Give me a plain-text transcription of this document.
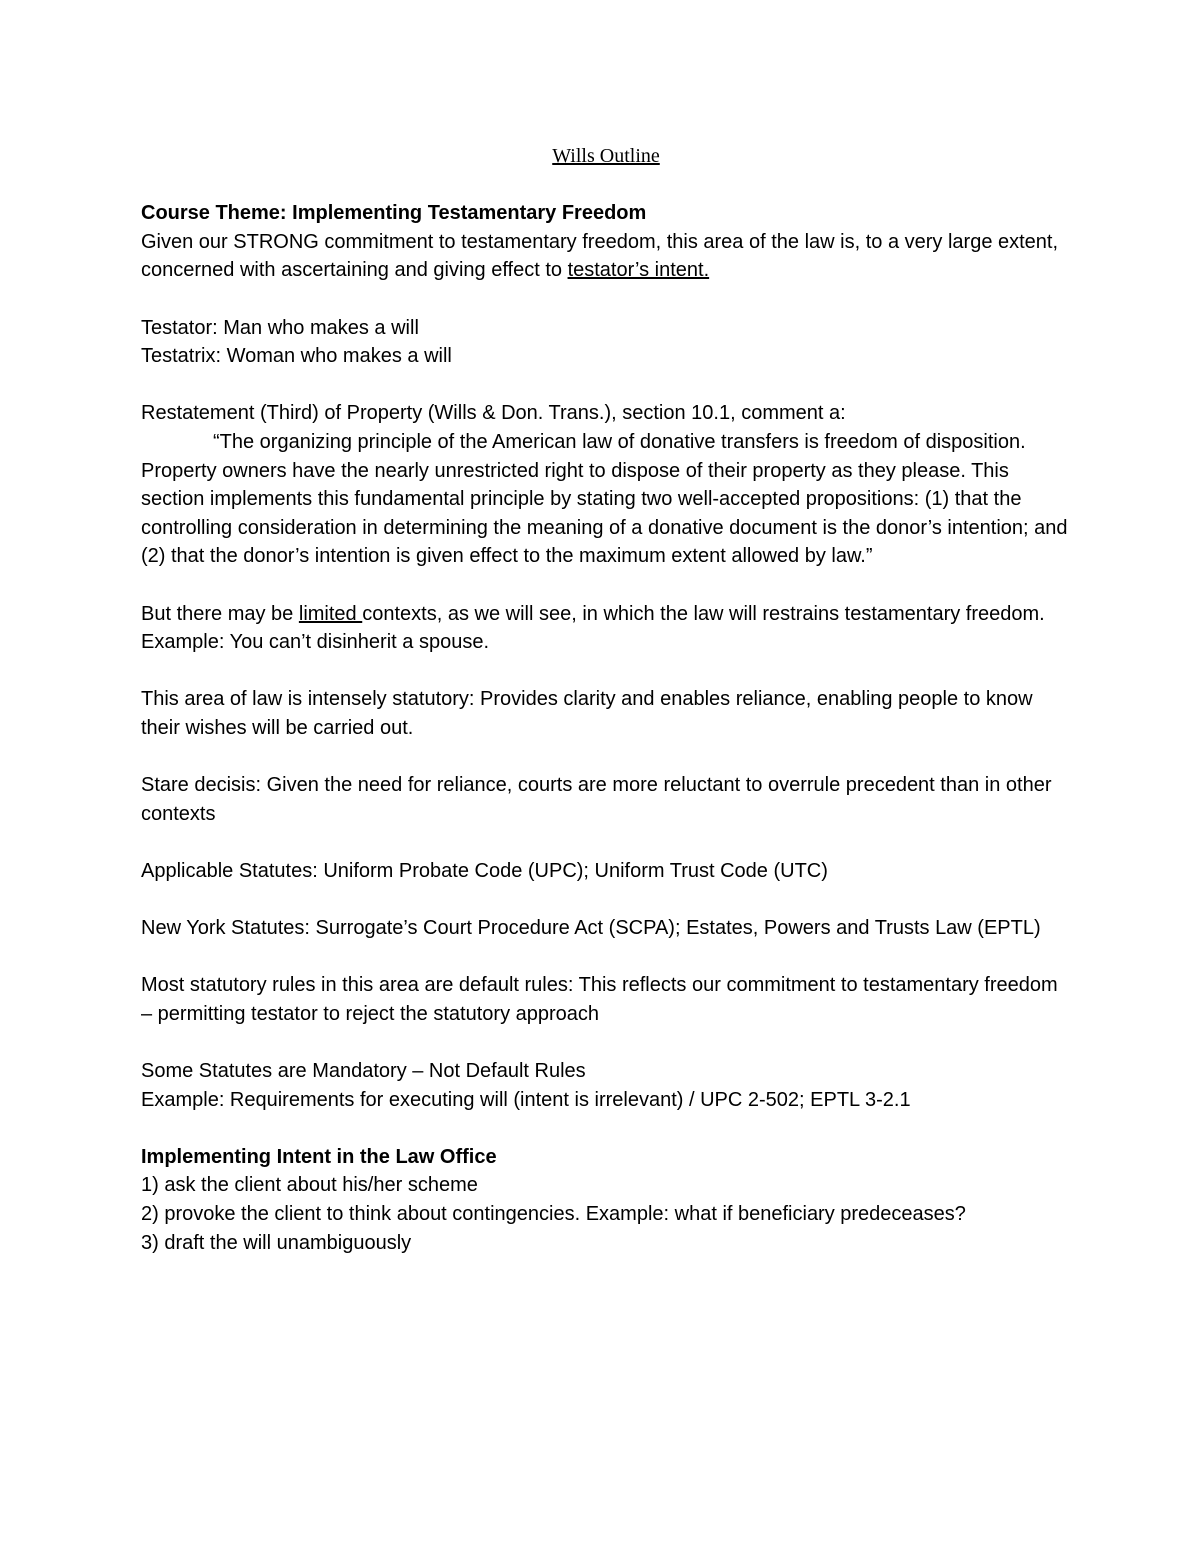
Wills Outline

Course Theme: Implementing Testamentary Freedom

Given our STRONG commitment to testamentary freedom, this area of the law is, to a very large extent, concerned with ascertaining and giving effect to testator’s intent.

Testator: Man who makes a will

Testatrix: Woman who makes a will

Restatement (Third) of Property (Wills & Don. Trans.), section 10.1, comment a:

“The organizing principle of the American law of donative transfers is freedom of disposition. Property owners have the nearly unrestricted right to dispose of their property as they please. This section implements this fundamental principle by stating two well-accepted propositions: (1) that the controlling consideration in determining the meaning of a donative document is the donor’s intention; and (2) that the donor’s intention is given effect to the maximum extent allowed by law.”

But there may be limited contexts, as we will see, in which the law will restrains testamentary freedom. Example: You can’t disinherit a spouse.

This area of law is intensely statutory: Provides clarity and enables reliance, enabling people to know their wishes will be carried out.

Stare decisis: Given the need for reliance, courts are more reluctant to overrule precedent than in other contexts

Applicable Statutes: Uniform Probate Code (UPC); Uniform Trust Code (UTC)

New York Statutes: Surrogate’s Court Procedure Act (SCPA); Estates, Powers and Trusts Law (EPTL)

Most statutory rules in this area are default rules: This reflects our commitment to testamentary freedom – permitting testator to reject the statutory approach

Some Statutes are Mandatory – Not Default Rules

Example: Requirements for executing will (intent is irrelevant) / UPC 2-502; EPTL 3-2.1

Implementing Intent in the Law Office

1) ask the client about his/her scheme

2) provoke the client to think about contingencies. Example: what if beneficiary predeceases?

3) draft the will unambiguously
